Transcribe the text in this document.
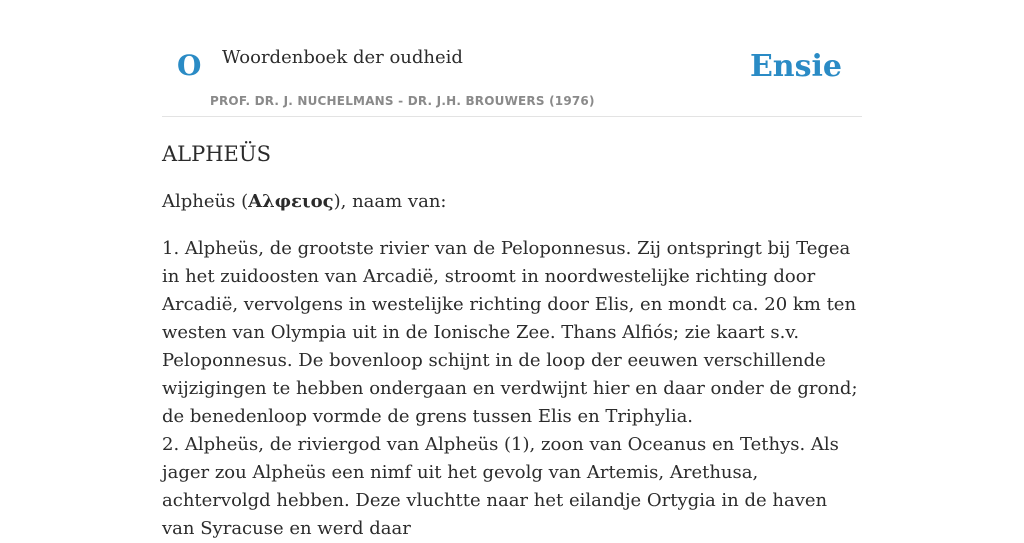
O Woordenboek der oudheid
PROF. DR. J. NUCHELMANS - DR. J.H. BROUWERS (1976)
Ensie
ALPHEÜS

Alpheüs (Αλφειος), naam van:

1. Alpheüs, de grootste rivier van de Peloponnesus. Zij ontspringt bij Tegea in het zuidoosten van Arcadië, stroomt in noordwestelijke richting door Arcadië, vervolgens in westelijke richting door Elis, en mondt ca. 20 km ten westen van Olympia uit in de Ionische Zee. Thans Alfiós; zie kaart s.v. Peloponnesus. De bovenloop schijnt in de loop der eeuwen verschillende wijzigingen te hebben ondergaan en verdwijnt hier en daar onder de grond; de benedenloop vormde de grens tussen Elis en Triphylia.

2. Alpheüs, de riviergod van Alpheüs (1), zoon van Oceanus en Tethys. Als jager zou Alpheüs een nimf uit het gevolg van Artemis, Arethusa, achtervolgd hebben. Deze vluchtte naar het eilandje Ortygia in de haven van Syracuse en werd daar
